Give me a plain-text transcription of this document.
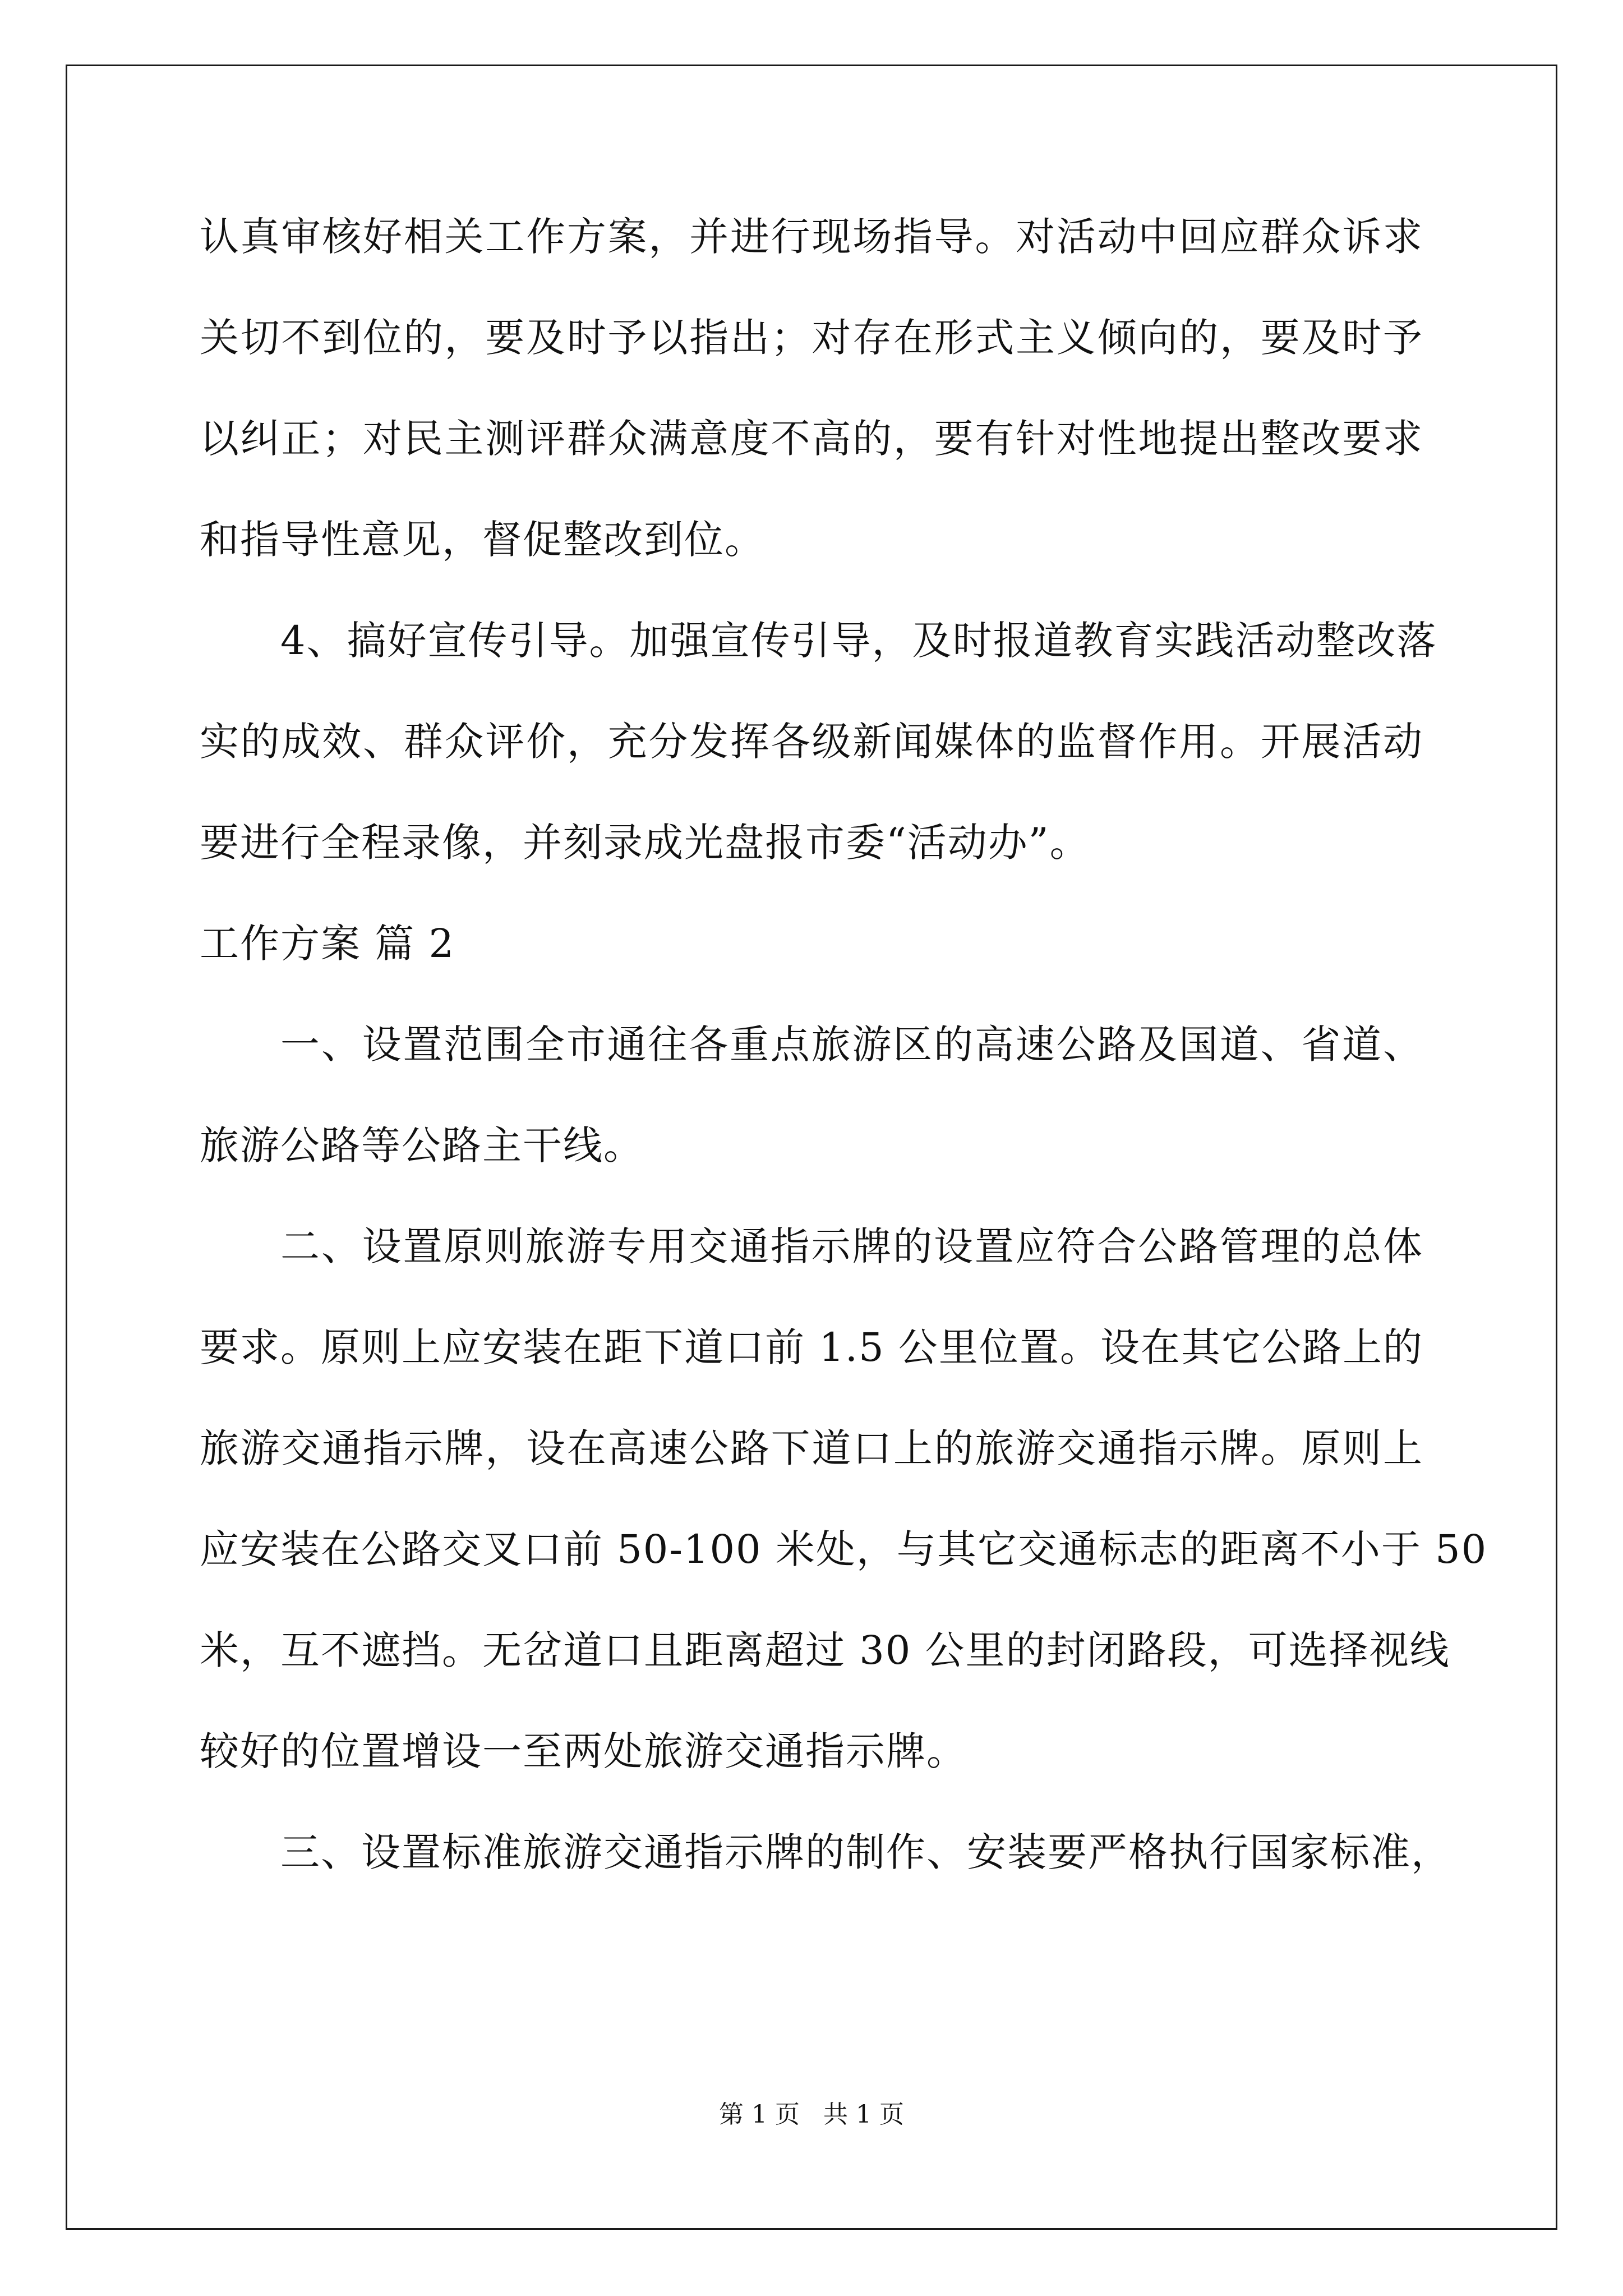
认真审核好相关工作方案，并进行现场指导。对活动中回应群众诉求
关切不到位的，要及时予以指出；对存在形式主义倾向的，要及时予
以纠正；对民主测评群众满意度不高的，要有针对性地提出整改要求
和指导性意见，督促整改到位。
4、搞好宣传引导。加强宣传引导，及时报道教育实践活动整改落
实的成效、群众评价，充分发挥各级新闻媒体的监督作用。开展活动
要进行全程录像，并刻录成光盘报市委“活动办”。
工作方案 篇 2
一、设置范围全市通往各重点旅游区的高速公路及国道、省道、
旅游公路等公路主干线。
二、设置原则旅游专用交通指示牌的设置应符合公路管理的总体
要求。原则上应安装在距下道口前 1.5 公里位置。设在其它公路上的
旅游交通指示牌，设在高速公路下道口上的旅游交通指示牌。原则上
应安装在公路交叉口前 50-100 米处，与其它交通标志的距离不小于 50
米，互不遮挡。无岔道口且距离超过 30 公里的封闭路段，可选择视线
较好的位置增设一至两处旅游交通指示牌。
三、设置标准旅游交通指示牌的制作、安装要严格执行国家标准，
第 1 页   共 1 页
